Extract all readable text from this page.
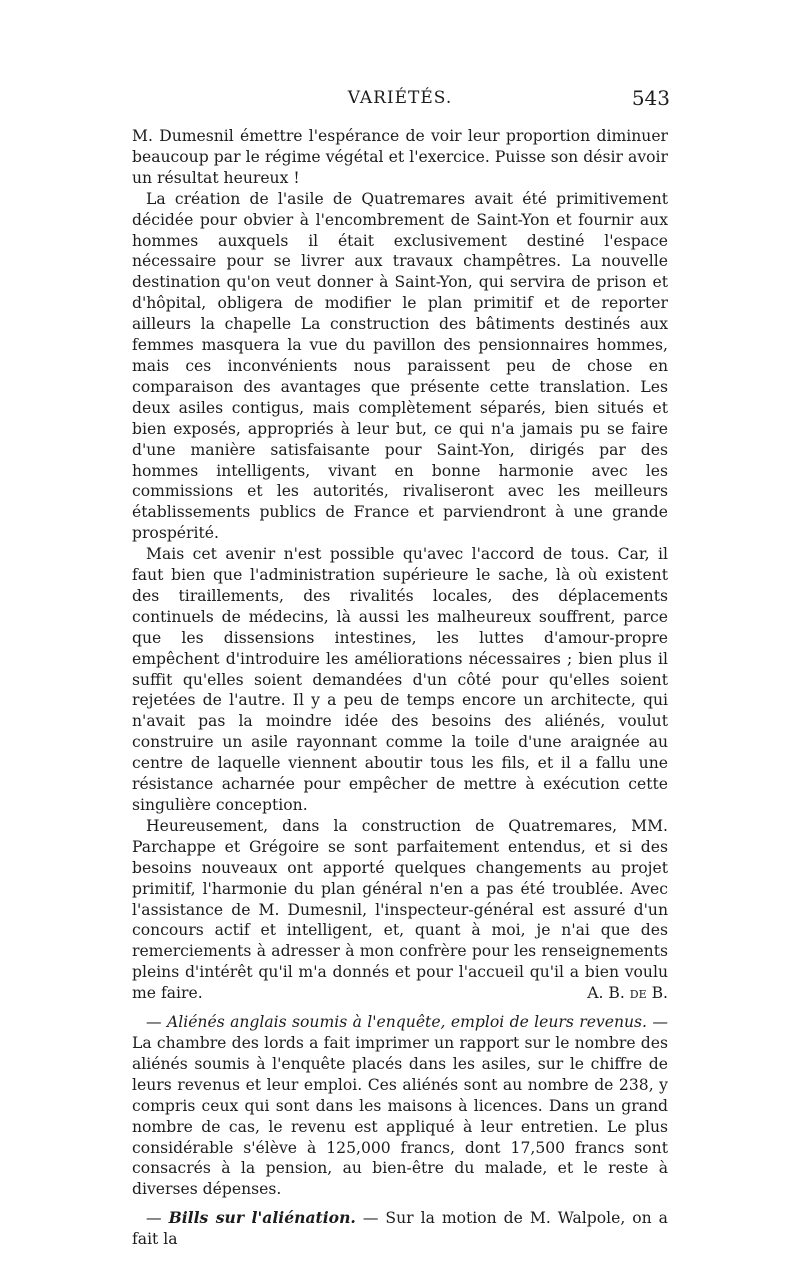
VARIÉTÉS.	543

M. Dumesnil émettre l'espérance de voir leur proportion diminuer beaucoup par le régime végétal et l'exercice. Puisse son désir avoir un résultat heureux !

La création de l'asile de Quatremares avait été primitivement décidée pour obvier à l'encombrement de Saint-Yon et fournir aux hommes auxquels il était exclusivement destiné l'espace nécessaire pour se livrer aux travaux champêtres. La nouvelle destination qu'on veut donner à Saint-Yon, qui servira de prison et d'hôpital, obligera de modifier le plan primitif et de reporter ailleurs la chapelle La construction des bâtiments destinés aux femmes masquera la vue du pavillon des pensionnaires hommes, mais ces inconvénients nous paraissent peu de chose en comparaison des avantages que présente cette translation. Les deux asiles contigus, mais complètement séparés, bien situés et bien exposés, appropriés à leur but, ce qui n'a jamais pu se faire d'une manière satisfaisante pour Saint-Yon, dirigés par des hommes intelligents, vivant en bonne harmonie avec les commissions et les autorités, rivaliseront avec les meilleurs établissements publics de France et parviendront à une grande prospérité.

Mais cet avenir n'est possible qu'avec l'accord de tous. Car, il faut bien que l'administration supérieure le sache, là où existent des tiraillements, des rivalités locales, des déplacements continuels de médecins, là aussi les malheureux souffrent, parce que les dissensions intestines, les luttes d'amour-propre empêchent d'introduire les améliorations nécessaires ; bien plus il suffit qu'elles soient demandées d'un côté pour qu'elles soient rejetées de l'autre. Il y a peu de temps encore un architecte, qui n'avait pas la moindre idée des besoins des aliénés, voulut construire un asile rayonnant comme la toile d'une araignée au centre de laquelle viennent aboutir tous les fils, et il a fallu une résistance acharnée pour empêcher de mettre à exécution cette singulière conception.

Heureusement, dans la construction de Quatremares, MM. Parchappe et Grégoire se sont parfaitement entendus, et si des besoins nouveaux ont apporté quelques changements au projet primitif, l'harmonie du plan général n'en a pas été troublée. Avec l'assistance de M. Dumesnil, l'inspecteur-général est assuré d'un concours actif et intelligent, et, quant à moi, je n'ai que des remerciements à adresser à mon confrère pour les renseignements pleins d'intérêt qu'il m'a donnés et pour l'accueil qu'il a bien voulu me faire.	A. B. de B.

— Aliénés anglais soumis à l'enquête, emploi de leurs revenus. — La chambre des lords a fait imprimer un rapport sur le nombre des aliénés soumis à l'enquête placés dans les asiles, sur le chiffre de leurs revenus et leur emploi. Ces aliénés sont au nombre de 238, y compris ceux qui sont dans les maisons à licences. Dans un grand nombre de cas, le revenu est appliqué à leur entretien. Le plus considérable s'élève à 125,000 francs, dont 17,500 francs sont consacrés à la pension, au bien-être du malade, et le reste à diverses dépenses.

— Bills sur l'aliénation. — Sur la motion de M. Walpole, on a fait la
